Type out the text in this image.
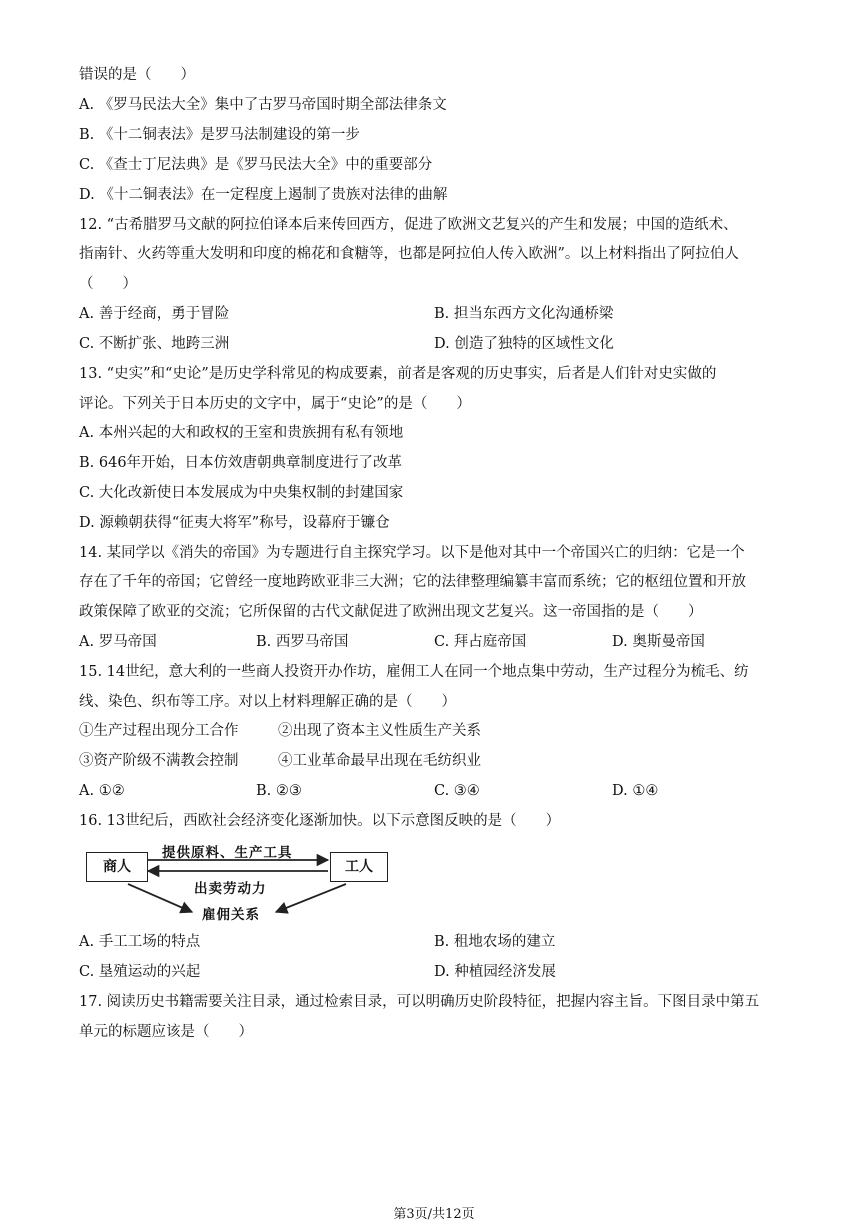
错误的是（　　）
A. 《罗马民法大全》集中了古罗马帝国时期全部法律条文
B. 《十二铜表法》是罗马法制建设的第一步
C. 《查士丁尼法典》是《罗马民法大全》中的重要部分
D. 《十二铜表法》在一定程度上遏制了贵族对法律的曲解
12. “古希腊罗马文献的阿拉伯译本后来传回西方，促进了欧洲文艺复兴的产生和发展；中国的造纸术、
指南针、火药等重大发明和印度的棉花和食糖等，也都是阿拉伯人传入欧洲”。以上材料指出了阿拉伯人
（　　）
A. 善于经商，勇于冒险	B. 担当东西方文化沟通桥梁
C. 不断扩张、地跨三洲	D. 创造了独特的区域性文化
13. “史实”和“史论”是历史学科常见的构成要素，前者是客观的历史事实，后者是人们针对史实做的
评论。下列关于日本历史的文字中，属于“史论”的是（　　）
A. 本州兴起的大和政权的王室和贵族拥有私有领地
B. 646年开始，日本仿效唐朝典章制度进行了改革
C. 大化改新使日本发展成为中央集权制的封建国家
D. 源赖朝获得“征夷大将军”称号，设幕府于镰仓
14. 某同学以《消失的帝国》为专题进行自主探究学习。以下是他对其中一个帝国兴亡的归纳：它是一个
存在了千年的帝国；它曾经一度地跨欧亚非三大洲；它的法律整理编纂丰富而系统；它的枢纽位置和开放
政策保障了欧亚的交流；它所保留的古代文献促进了欧洲出现文艺复兴。这一帝国指的是（　　）
A. 罗马帝国	B. 西罗马帝国	C. 拜占庭帝国	D. 奥斯曼帝国
15. 14世纪，意大利的一些商人投资开办作坊，雇佣工人在同一个地点集中劳动，生产过程分为梳毛、纺
线、染色、织布等工序。对以上材料理解正确的是（　　）
①生产过程出现分工合作	②出现了资本主义性质生产关系
③资产阶级不满教会控制	④工业革命最早出现在毛纺织业
A. ①②	B. ②③	C. ③④	D. ①④
16. 13世纪后，西欧社会经济变化逐渐加快。以下示意图反映的是（　　）
商人	工人
提供原料、生产工具
出卖劳动力
雇佣关系
A. 手工工场的特点	B. 租地农场的建立
C. 垦殖运动的兴起	D. 种植园经济发展
17. 阅读历史书籍需要关注目录，通过检索目录，可以明确历史阶段特征，把握内容主旨。下图目录中第五
单元的标题应该是（　　）
第3页/共12页
